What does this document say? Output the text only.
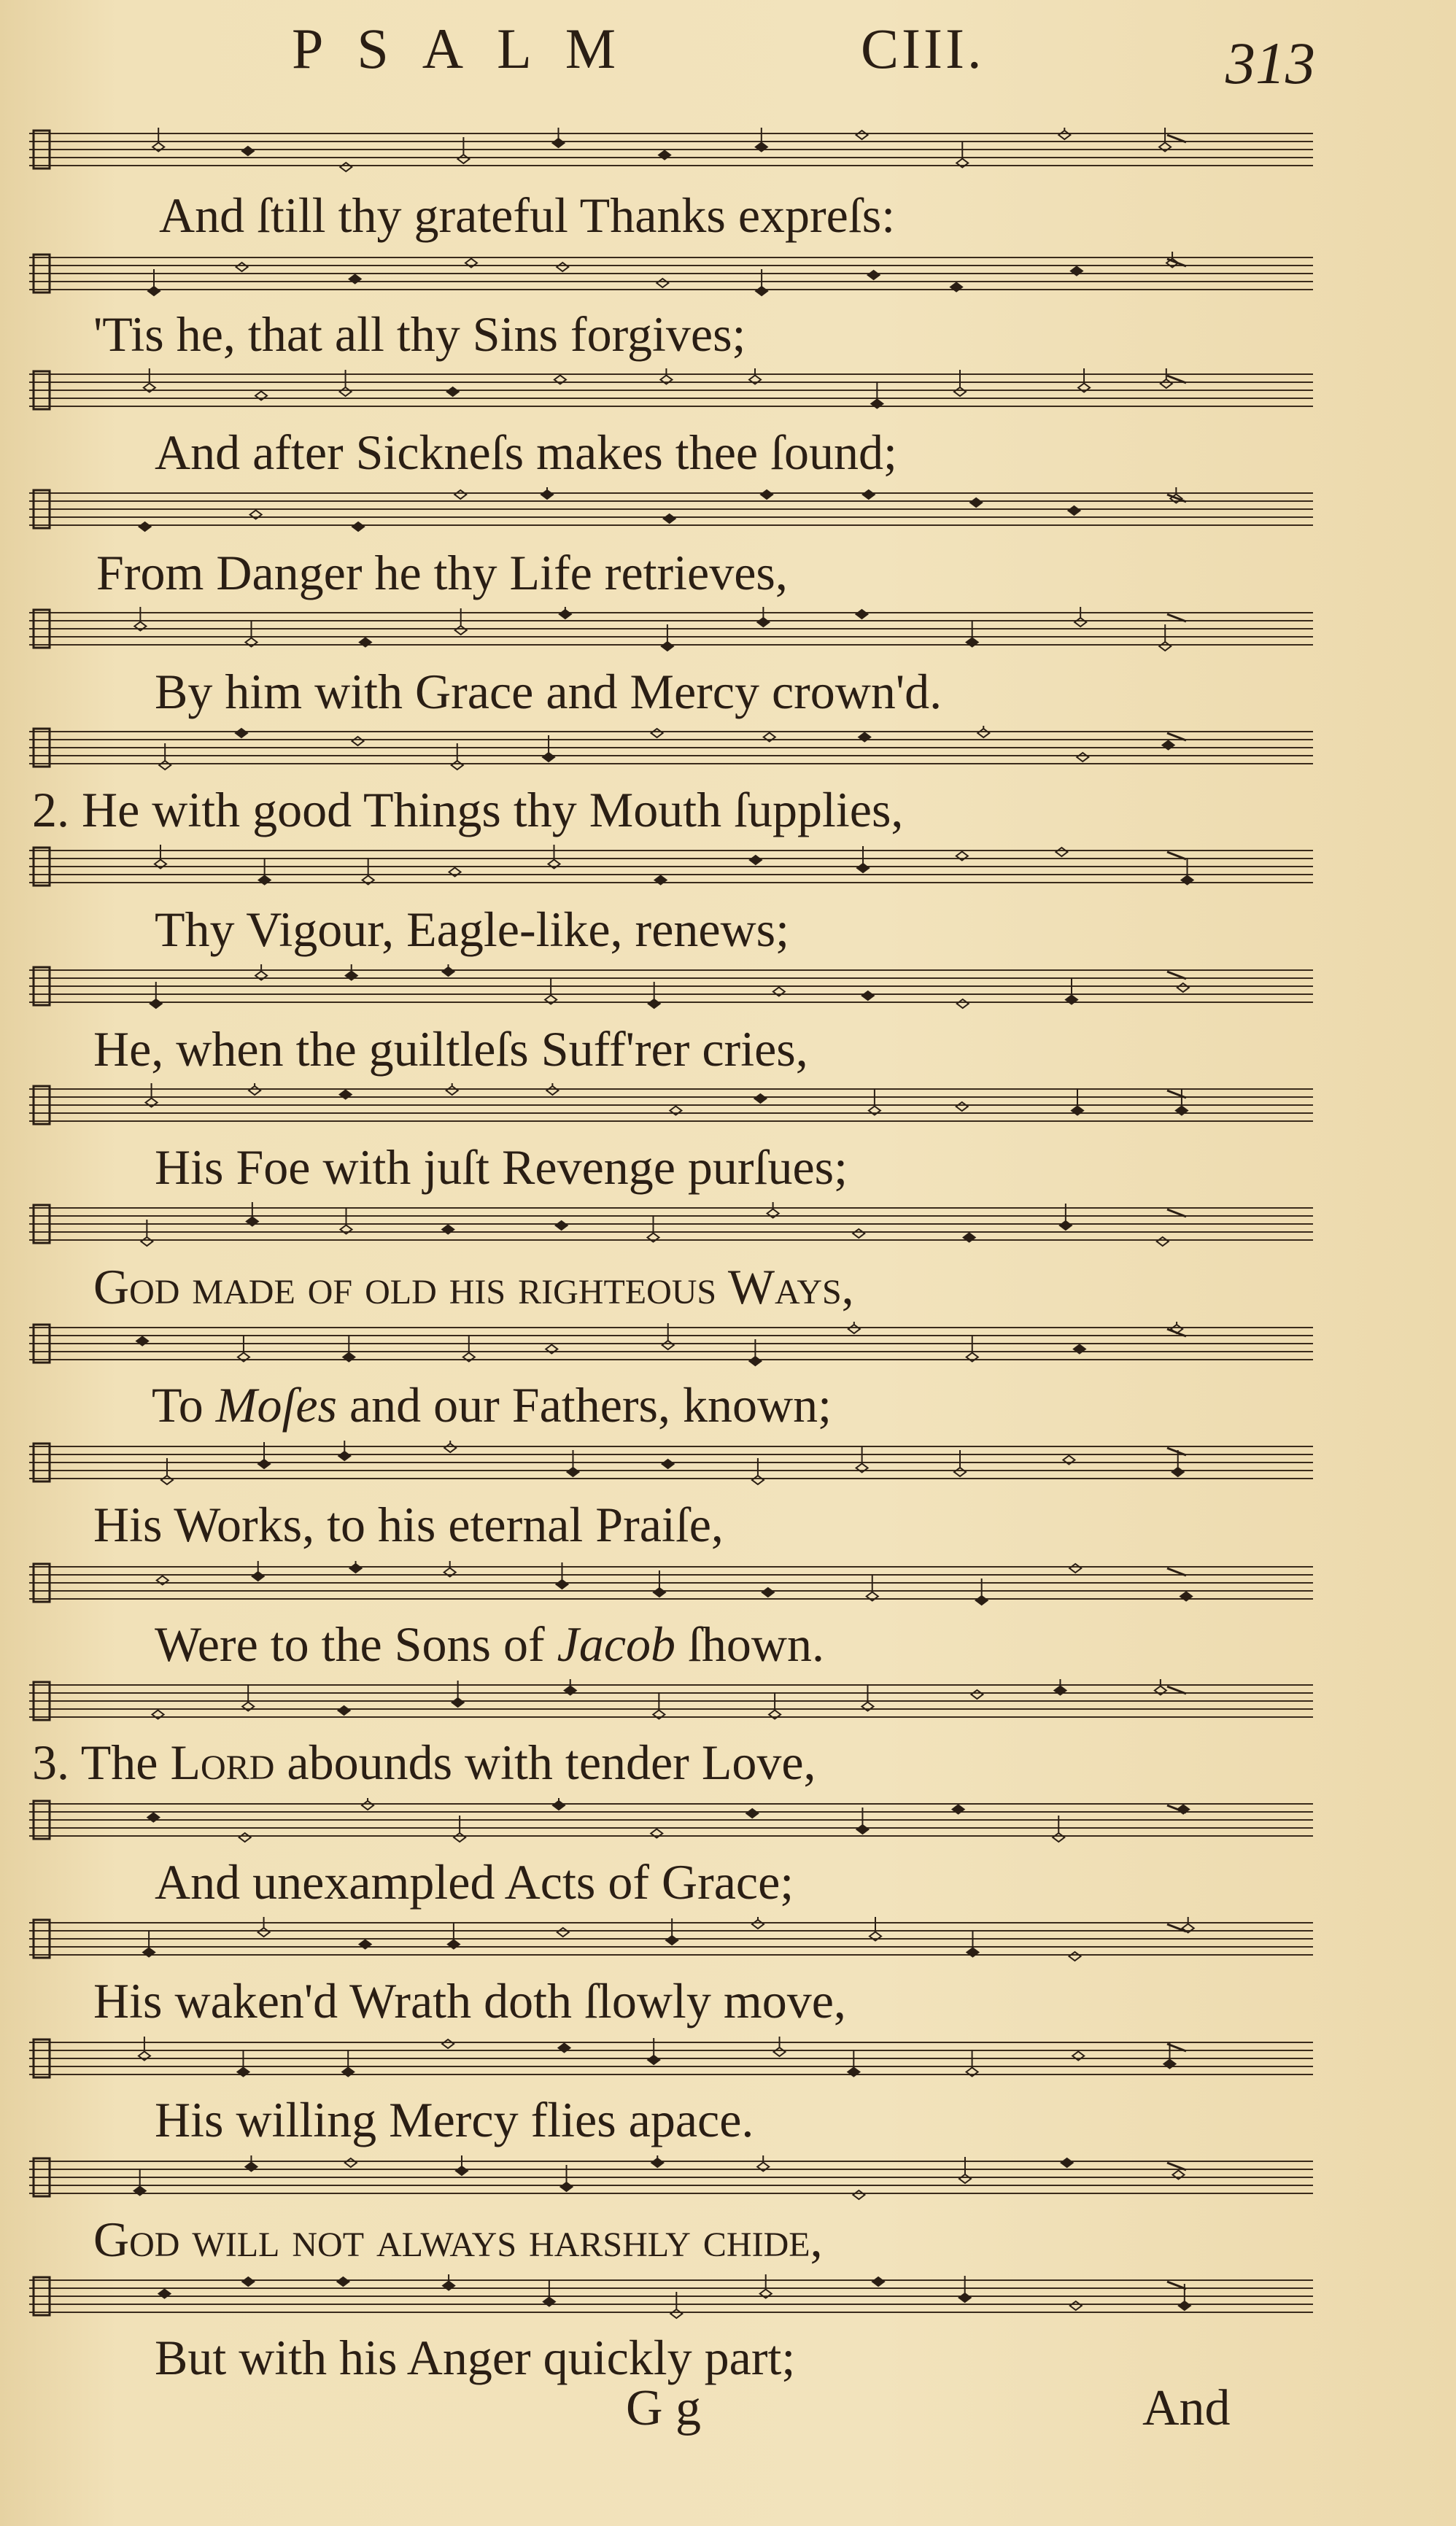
PSALM	CIII.	313
And ſtill thy grateful Thanks expreſs:
'Tis he, that all thy Sins forgives;
And after Sickneſs makes thee ſound;
From Danger he thy Life retrieves,
By him with Grace and Mercy crown'd.
2. He with good Things thy Mouth ſupplies,
Thy Vigour, Eagle-like, renews;
He, when the guiltleſs Suff'rer cries,
His Foe with juſt Revenge purſues;
God made of old his righteous Ways,
To Moſes and our Fathers, known;
His Works, to his eternal Praiſe,
Were to the Sons of Jacob ſhown.
3. The Lord abounds with tender Love,
And unexampled Acts of Grace;
His waken'd Wrath doth ſlowly move,
His willing Mercy flies apace.
God will not always harſhly chide,
But with his Anger quickly part;
G g	And
